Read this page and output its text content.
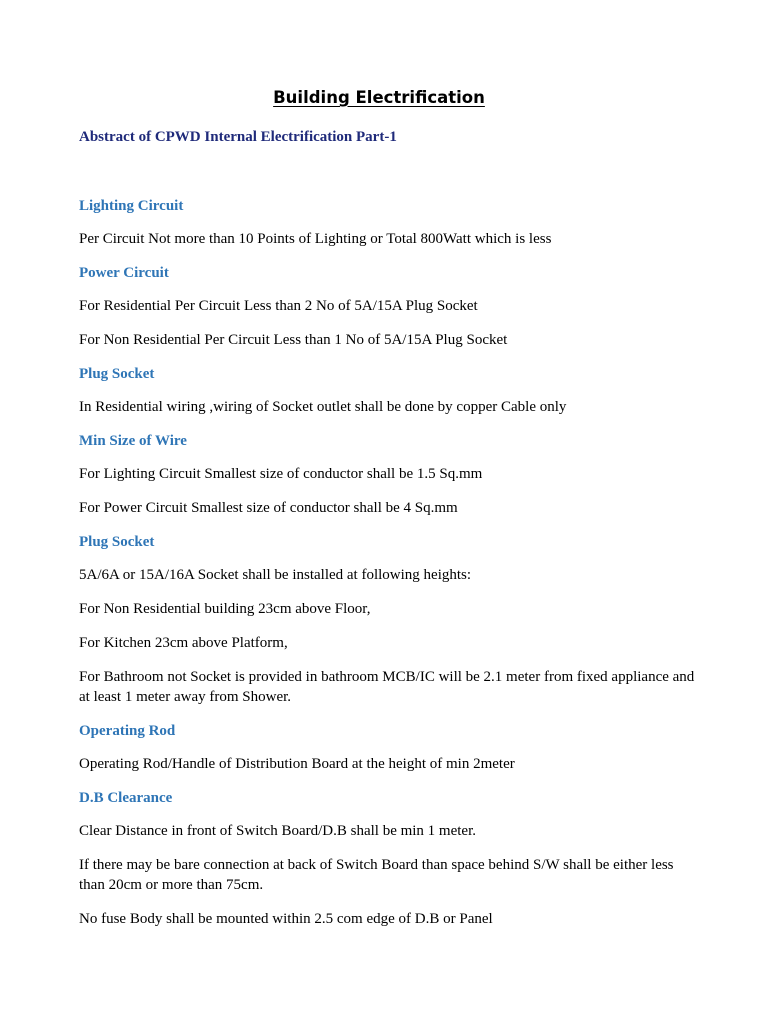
Building Electrification
Abstract of CPWD Internal Electrification Part-1
Lighting Circuit
Per Circuit Not more than 10 Points of Lighting or Total 800Watt which is less
Power Circuit
For Residential Per Circuit Less than 2 No of 5A/15A Plug Socket
For Non Residential Per Circuit Less than 1 No of 5A/15A Plug Socket
Plug Socket
In Residential wiring ,wiring of Socket outlet shall be done by copper Cable only
Min Size of Wire
For Lighting Circuit Smallest size of conductor shall be 1.5 Sq.mm
For Power Circuit Smallest size of conductor shall be 4 Sq.mm
Plug Socket
5A/6A or 15A/16A Socket shall be installed at following heights:
For Non Residential building 23cm above Floor,
For Kitchen 23cm above Platform,
For Bathroom not Socket is provided in bathroom MCB/IC will be 2.1 meter from fixed appliance and at least 1 meter away from Shower.
Operating Rod
Operating Rod/Handle of Distribution Board at the height of min 2meter
D.B Clearance
Clear Distance in front of Switch Board/D.B shall be min 1 meter.
If there may be bare connection at back of Switch Board than space behind S/W shall be either less than 20cm or more than 75cm.
No fuse Body shall be mounted within 2.5 com edge of D.B or Panel
